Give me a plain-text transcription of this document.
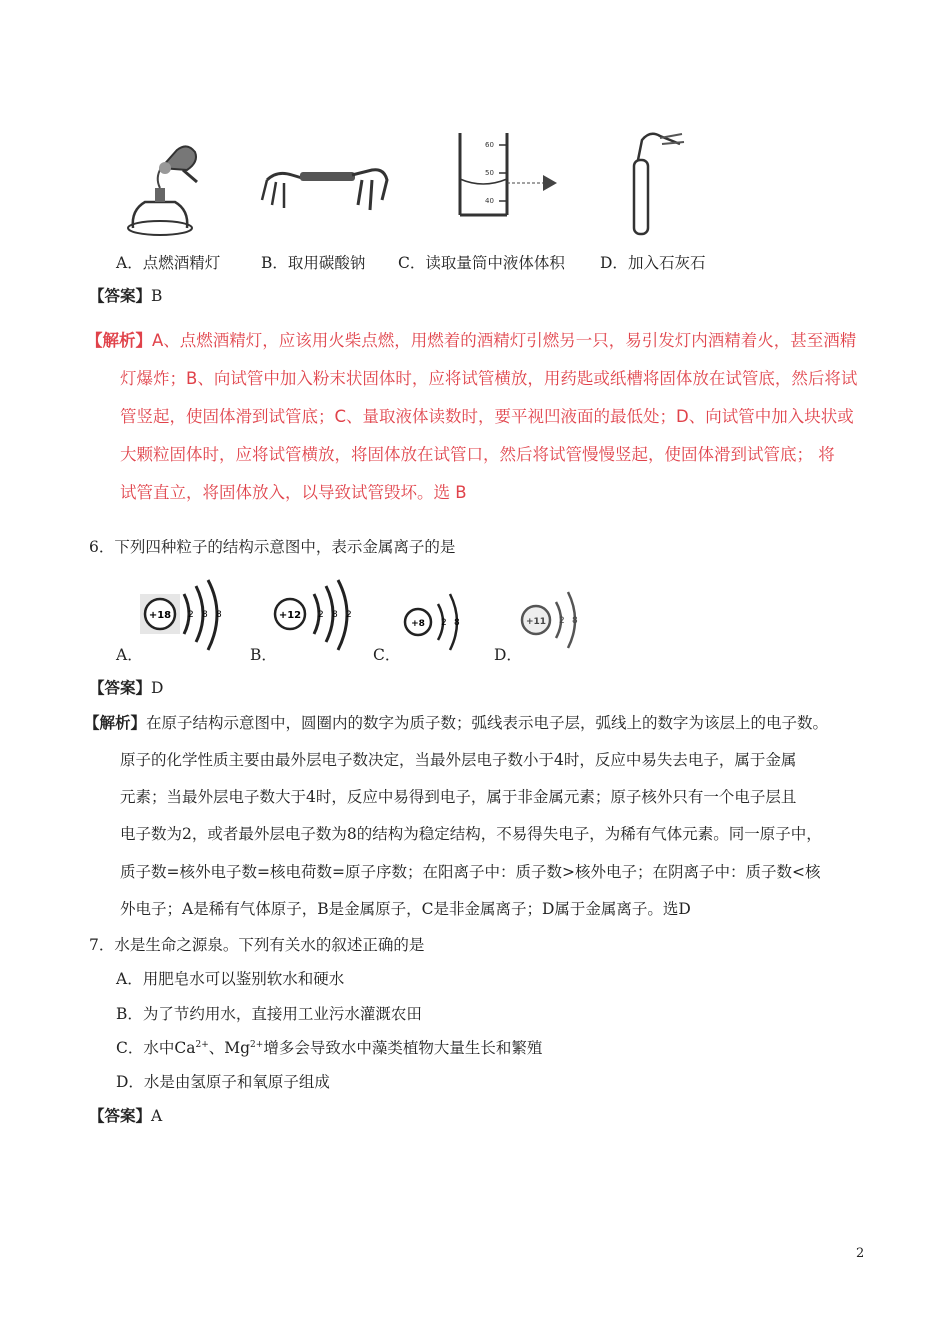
60
50
40
A．点燃酒精灯	B．取用碳酸钠 C．读取量筒中液体体积 D．加入石灰石
【答案】B
【解析】A、点燃酒精灯，应该用火柴点燃，用燃着的酒精灯引燃另一只，易引发灯内酒精着火，甚至酒精
灯爆炸；B、向试管中加入粉末状固体时，应将试管横放，用药匙或纸槽将固体放在试管底，然后将试
管竖起，使固体滑到试管底；C、量取液体读数时，要平视凹液面的最低处；D、向试管中加入块状或
大颗粒固体时，应将试管横放，将固体放在试管口，然后将试管慢慢竖起，使固体滑到试管底； 将
试管直立，将固体放入，以导致试管毁坏。选 B
6．下列四种粒子的结构示意图中，表示金属离子的是
+18 2 8 8	+12 2 8 2
+8 2 8	+11 2 8
A．	B．	C．	D．
【答案】D
【解析】在原子结构示意图中，圆圈内的数字为质子数；弧线表示电子层，弧线上的数字为该层上的电子数。
原子的化学性质主要由最外层电子数决定，当最外层电子数小于4时，反应中易失去电子，属于金属
元素；当最外层电子数大于4时，反应中易得到电子，属于非金属元素；原子核外只有一个电子层且
电子数为2，或者最外层电子数为8的结构为稳定结构，不易得失电子，为稀有气体元素。同一原子中，
质子数=核外电子数=核电荷数=原子序数；在阳离子中：质子数>核外电子；在阴离子中：质子数<核
外电子；A是稀有气体原子，B是金属原子，C是非金属离子；D属于金属离子。选D
7．水是生命之源泉。下列有关水的叙述正确的是
A．用肥皂水可以鉴别软水和硬水
B．为了节约用水，直接用工业污水灌溉农田
C．水中$Ca^{2+}$、$Mg^{2+}$增多会导致水中藻类植物大量生长和繁殖
D．水是由氢原子和氧原子组成
【答案】A
2
